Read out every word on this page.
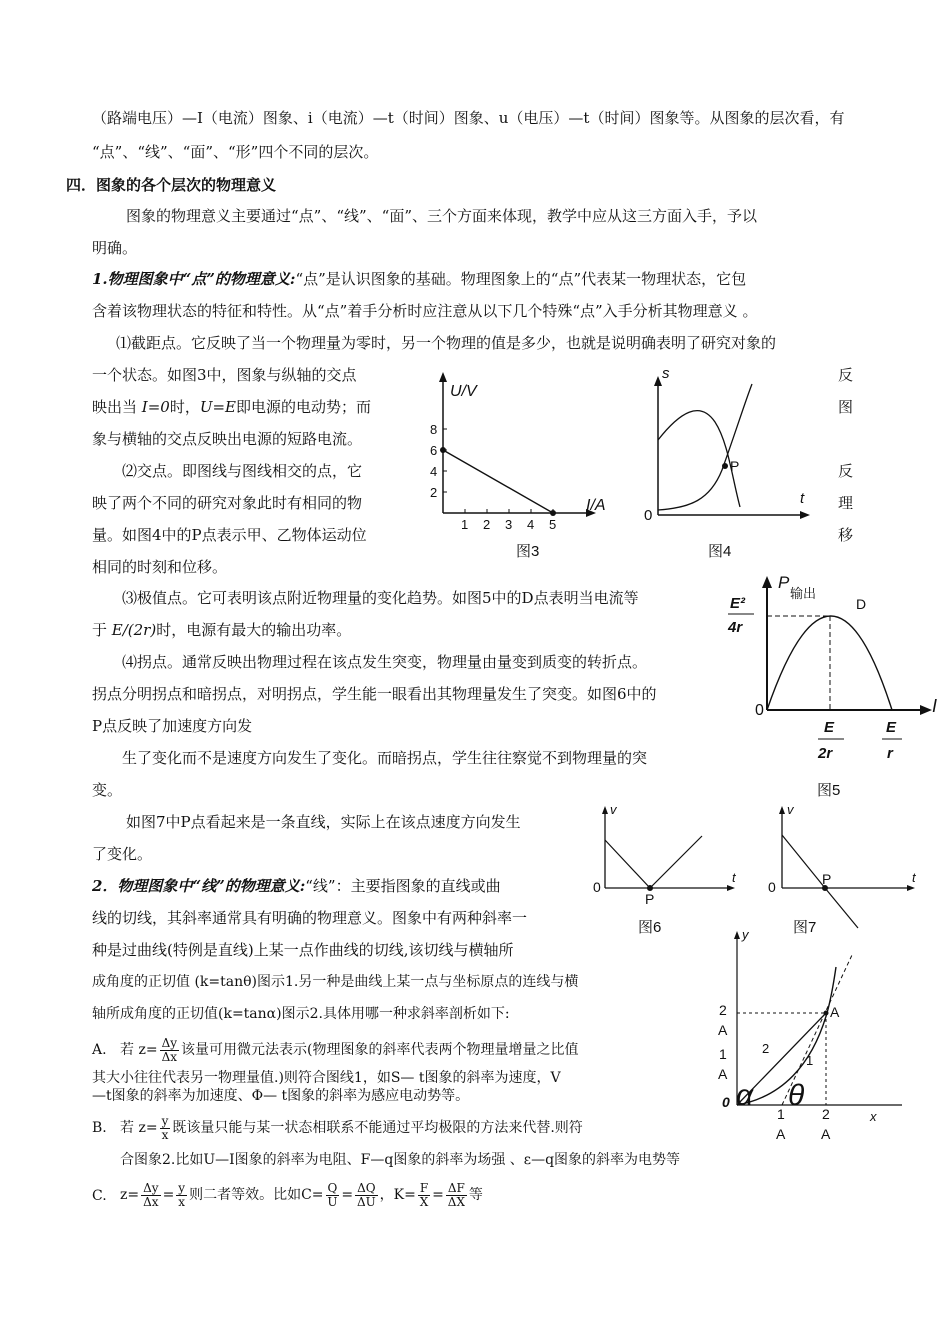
（路端电压）—I（电流）图象、i（电流）—t（时间）图象、u（电压）—t（时间）图象等。从图象的层次看，有
“点”、“线”、“面”、“形”四个不同的层次。
四．图象的各个层次的物理意义
图象的物理意义主要通过“点”、“线”、“面”、三个方面来体现，教学中应从这三方面入手，予以
明确。
1.物理图象中“点”的物理意义:“点”是认识图象的基础。物理图象上的“点”代表某一物理状态，它包
含着该物理状态的特征和特性。从“点”着手分析时应注意从以下几个特殊“点”入手分析其物理意义 。
⑴截距点。它反映了当一个物理量为零时，另一个物理的值是多少，也就是说明确表明了研究对象的
一个状态。如图3中，图象与纵轴的交点
映出当 I=0时，U=E即电源的电动势；而
象与横轴的交点反映出电源的短路电流。
反
图
反
理
移
⑵交点。即图线与图线相交的点，它
映了两个不同的研究对象此时有相同的物
量。如图4中的P点表示甲、乙物体运动位
相同的时刻和位移。
⑶极值点。它可表明该点附近物理量的变化趋势。如图5中的D点表明当电流等
于 E/(2r)时，电源有最大的输出功率。
⑷拐点。通常反映出物理过程在该点发生突变，物理量由量变到质变的转折点。
拐点分明拐点和暗拐点，对明拐点，学生能一眼看出其物理量发生了突变。如图6中的
P点反映了加速度方向发
生了变化而不是速度方向发生了变化。而暗拐点，学生往往察觉不到物理量的突
变。
如图7中P点看起来是一条直线，实际上在该点速度方向发生
了变化。
2．物理图象中“线”的物理意义:“线”：主要指图象的直线或曲
线的切线，其斜率通常具有明确的物理意义。图象中有两种斜率一
种是过曲线(特例是直线)上某一点作曲线的切线,该切线与横轴所
成角度的正切值 (k=tanθ)图示1.另一种是曲线上某一点与坐标原点的连线与横
轴所成角度的正切值(k=tanα)图示2.具体用哪一种求斜率剖析如下:
A. 若 $z= \frac{\Delta y}{\Delta x}$ 该量可用微元法表示(物理图象的斜率代表两个物理量增量之比值
其大小往往代表另一物理量值.)则符合图线1，如S— t图象的斜率为速度，V
—t图象的斜率为加速度、Φ— t图象的斜率为感应电动势等。
B. 若 $z= \frac{y}{x}$ 既该量只能与某一状态相联系不能通过平均极限的方法来代替.则符
合图象2.比如U—I图象的斜率为电阻、F—q图象的斜率为场强 、ε—q图象的斜率为电势等
C. $z= \frac{\Delta y}{\Delta x} = \frac{y}{x}$ 则二者等效。比如$C= \frac{Q}{U} = \frac{\Delta Q}{\Delta U}$ ，$K= \frac{F}{X} = \frac{\Delta F}{\Delta X}$ 等
U/V
I/A
8
6
4
2
1 2 3 4 5
图3
s
t
0
P
图4
P
输出
I
0
D
E²
4r
E
2r
E
r
图5
v
t
0
P
图6
v
t
0	P
图7
y
x
0
2
A
1
A
1
A
2
A
A
2
1
α θ
